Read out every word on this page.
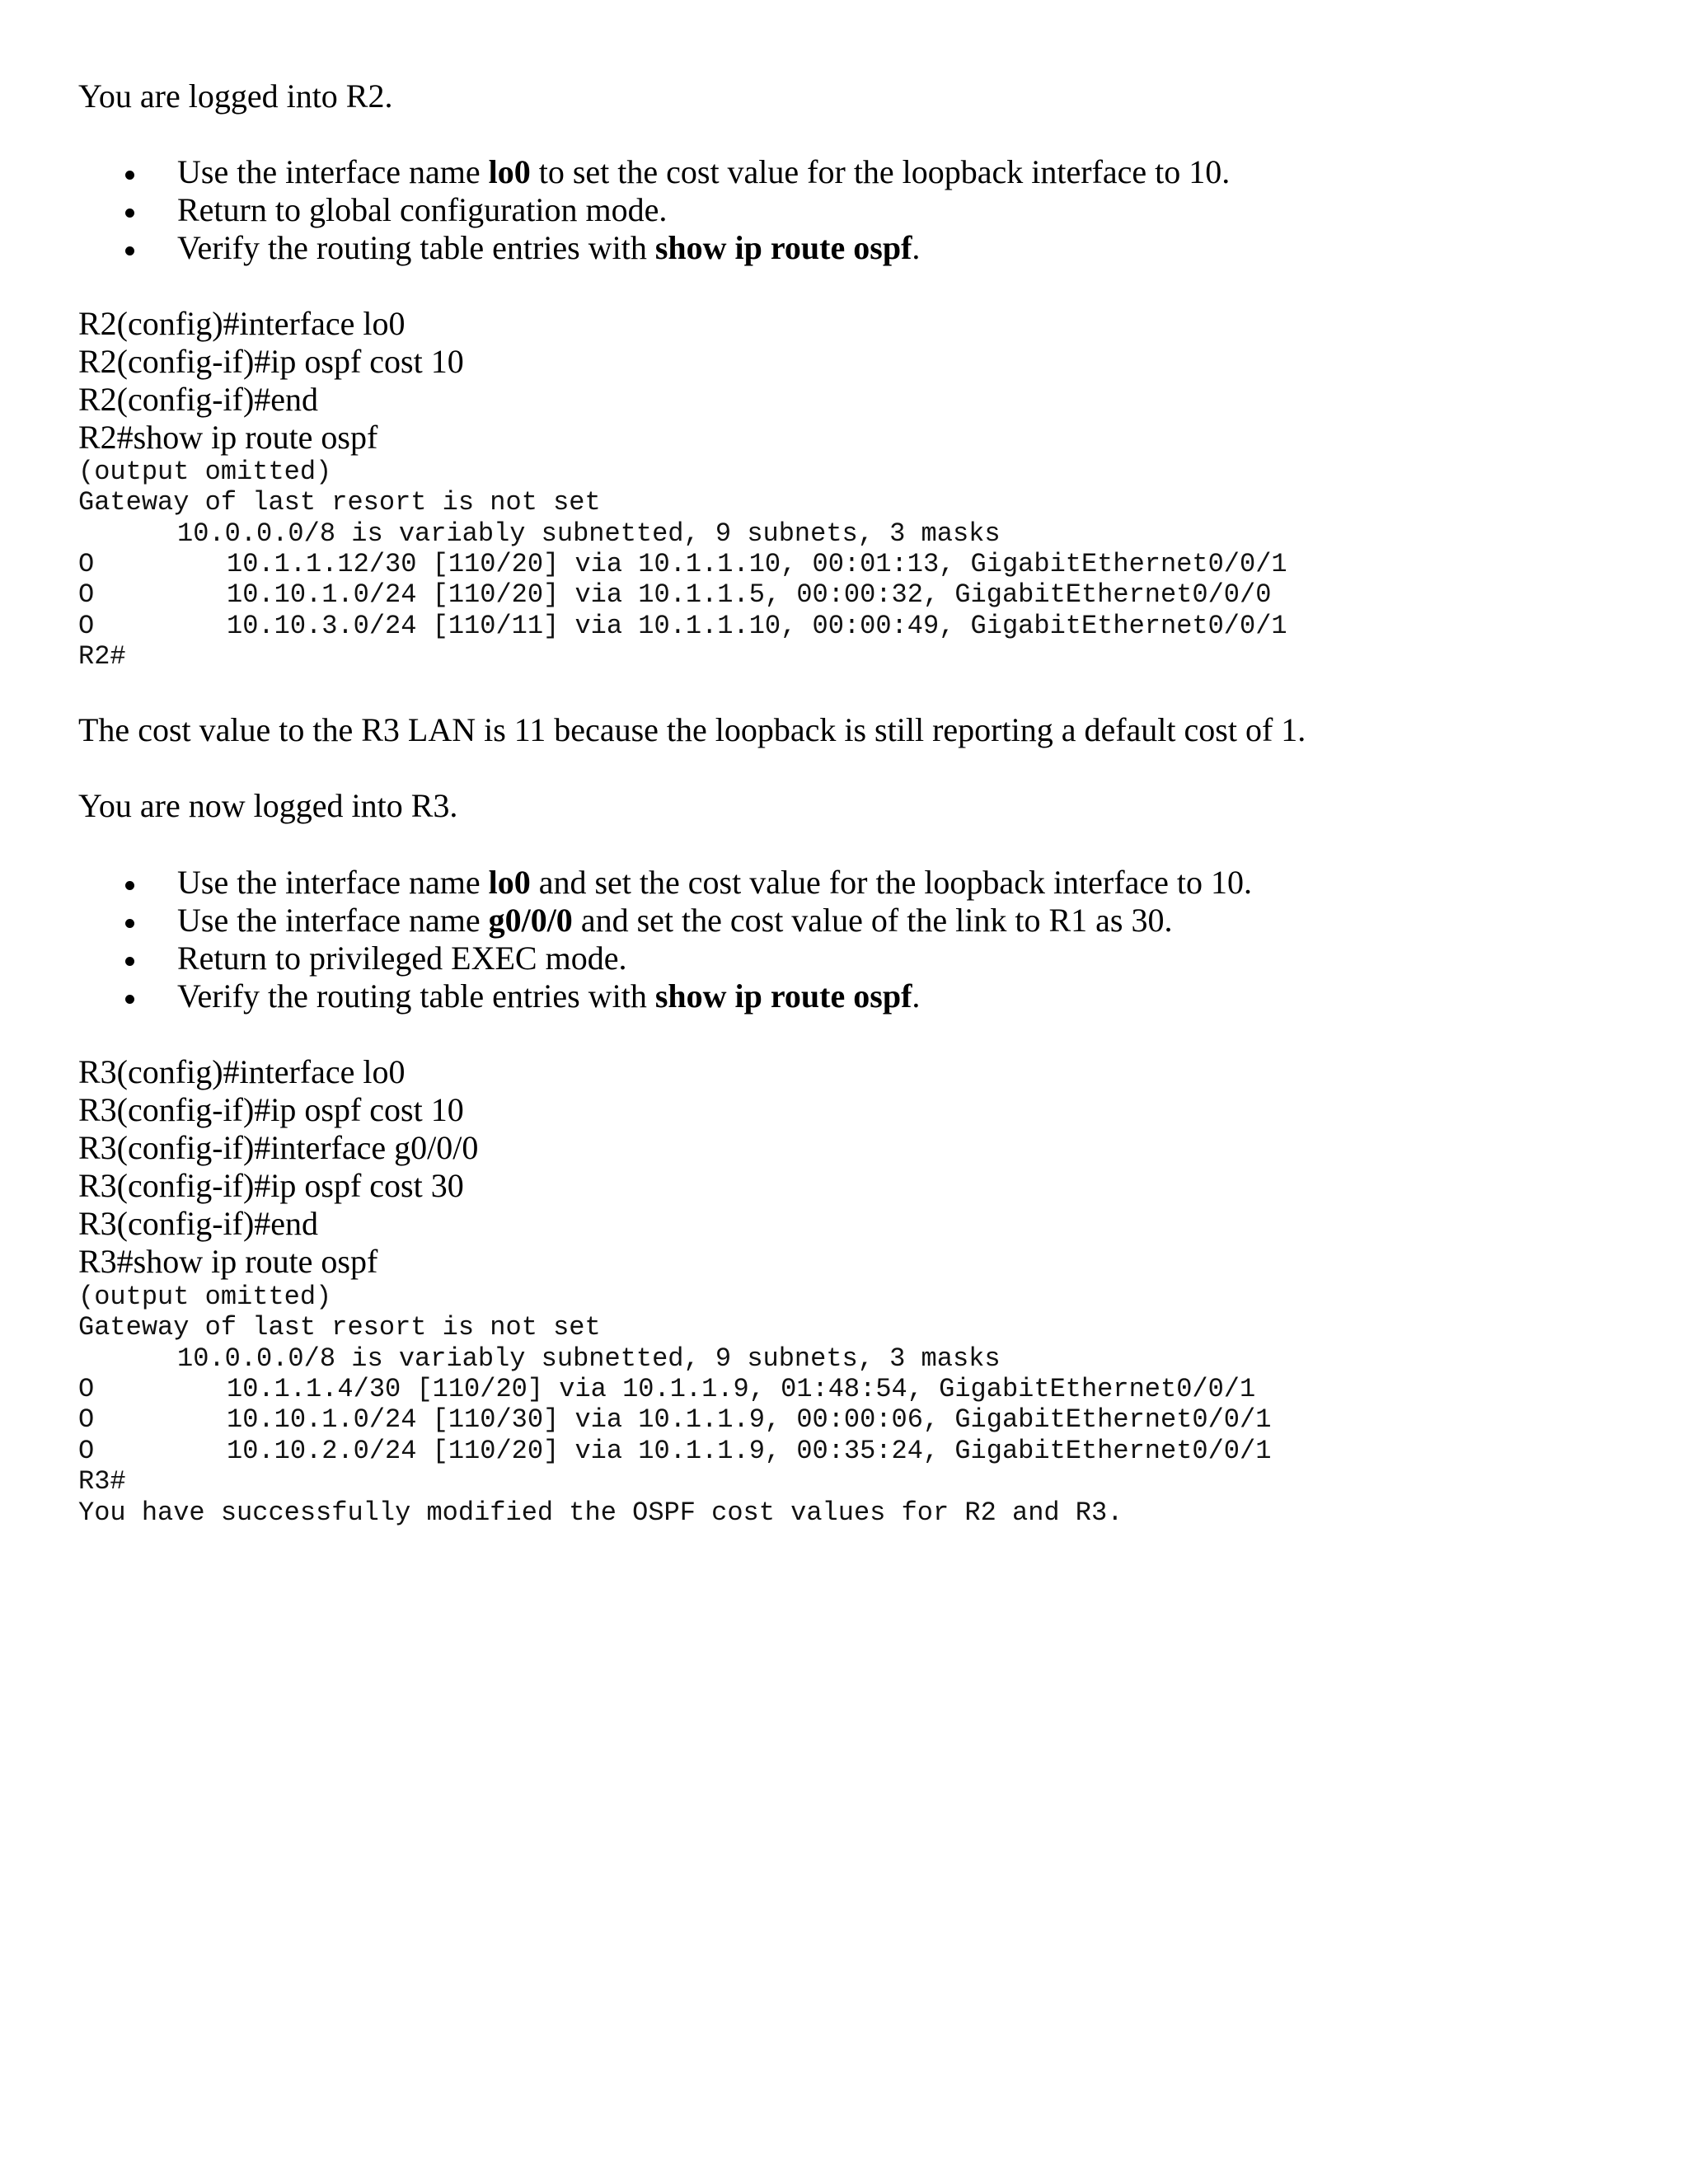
You are logged into R2.

Use the interface name lo0 to set the cost value for the loopback interface to 10.

Return to global configuration mode.

Verify the routing table entries with show ip route ospf.

R2(config)#interface lo0

R2(config-if)#ip ospf cost 10

R2(config-if)#end

R2#show ip route ospf

(output omitted)

Gateway of last resort is not set

10.0.0.0/8 is variably subnetted, 9 subnets, 3 masks

O	10.1.1.12/30 [110/20] via 10.1.1.10, 00:01:13, GigabitEthernet0/0/1

O	10.10.1.0/24 [110/20] via 10.1.1.5, 00:00:32, GigabitEthernet0/0/0

O	10.10.3.0/24 [110/11] via 10.1.1.10, 00:00:49, GigabitEthernet0/0/1

R2#

The cost value to the R3 LAN is 11 because the loopback is still reporting a default cost of 1.

You are now logged into R3.

Use the interface name lo0 and set the cost value for the loopback interface to 10.

Use the interface name g0/0/0 and set the cost value of the link to R1 as 30.

Return to privileged EXEC mode.

Verify the routing table entries with show ip route ospf.

R3(config)#interface lo0

R3(config-if)#ip ospf cost 10

R3(config-if)#interface g0/0/0

R3(config-if)#ip ospf cost 30

R3(config-if)#end

R3#show ip route ospf

(output omitted)

Gateway of last resort is not set

10.0.0.0/8 is variably subnetted, 9 subnets, 3 masks

O	10.1.1.4/30 [110/20] via 10.1.1.9, 01:48:54, GigabitEthernet0/0/1

O	10.10.1.0/24 [110/30] via 10.1.1.9, 00:00:06, GigabitEthernet0/0/1

O	10.10.2.0/24 [110/20] via 10.1.1.9, 00:35:24, GigabitEthernet0/0/1

R3#

You have successfully modified the OSPF cost values for R2 and R3.
